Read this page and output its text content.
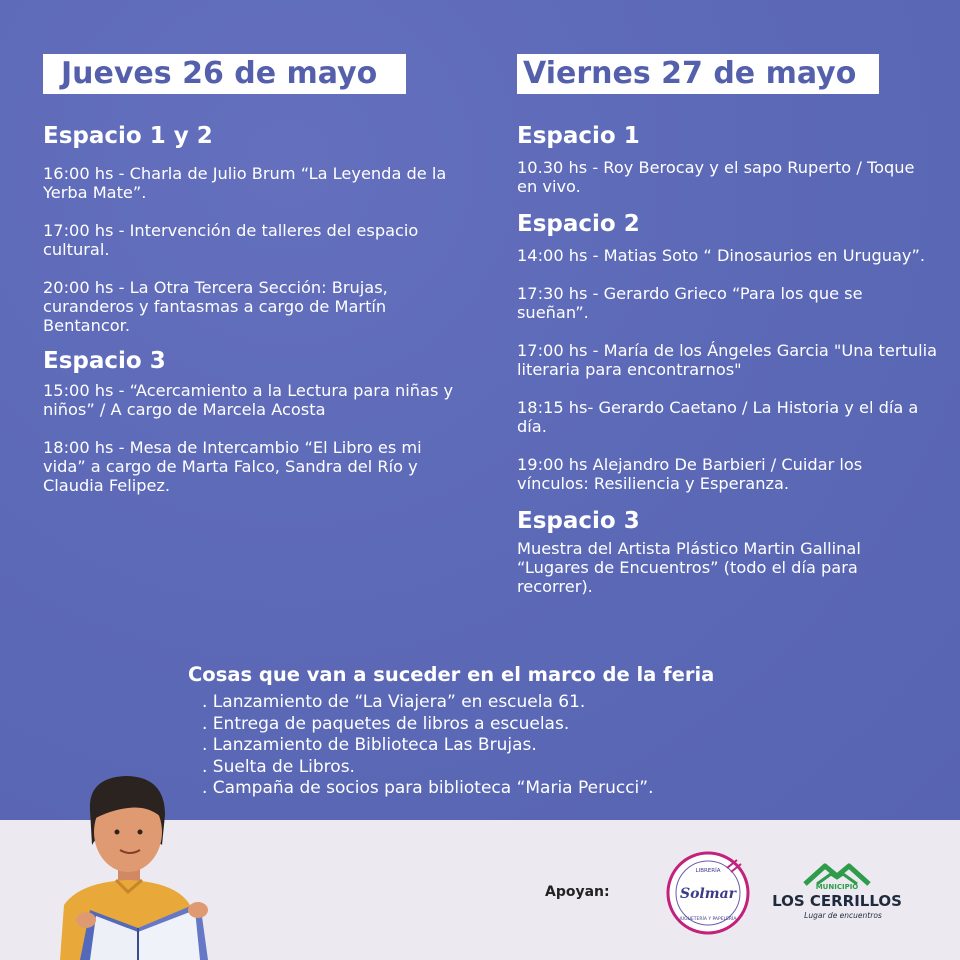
Jueves 26 de mayo	Viernes 27 de mayo

Espacio 1 y 2

16:00 hs - Charla de Julio Brum “La Leyenda de la Yerba Mate”.

17:00 hs - Intervención de talleres del espacio cultural.

20:00 hs - La Otra Tercera Sección: Brujas, curanderos y fantasmas a cargo de Martín Bentancor.

Espacio 3

15:00 hs - “Acercamiento a la Lectura para niñas y niños” / A cargo de Marcela Acosta

18:00 hs - Mesa de Intercambio “El Libro es mi vida” a cargo de Marta Falco, Sandra del Río y Claudia Felipez.

Espacio 1

10.30 hs - Roy Berocay y el sapo Ruperto / Toque en vivo.

Espacio 2

14:00 hs - Matias Soto “ Dinosaurios en Uruguay”.

17:30 hs - Gerardo Grieco “Para los que se sueñan”.

17:00 hs - María de los Ángeles Garcia "Una tertulia literaria para encontrarnos"

18:15 hs- Gerardo Caetano / La Historia y el día a día.

19:00 hs Alejandro De Barbieri / Cuidar los vínculos: Resiliencia y Esperanza.

Espacio 3

Muestra del Artista Plástico Martin Gallinal “Lugares de Encuentros” (todo el día para recorrer).

Cosas que van a suceder en el marco de la feria

. Lanzamiento de “La Viajera” en escuela 61.
. Entrega de paquetes de libros a escuelas.
. Lanzamiento de Biblioteca Las Brujas.
. Suelta de Libros.
. Campaña de socios para biblioteca “Maria Perucci”.
Apoyan:	Solmar
LIBRERÍA
JUGUETERÍA Y PAPELERÍA
MUNICIPIO
LOS CERRILLOS
Lugar de encuentros
